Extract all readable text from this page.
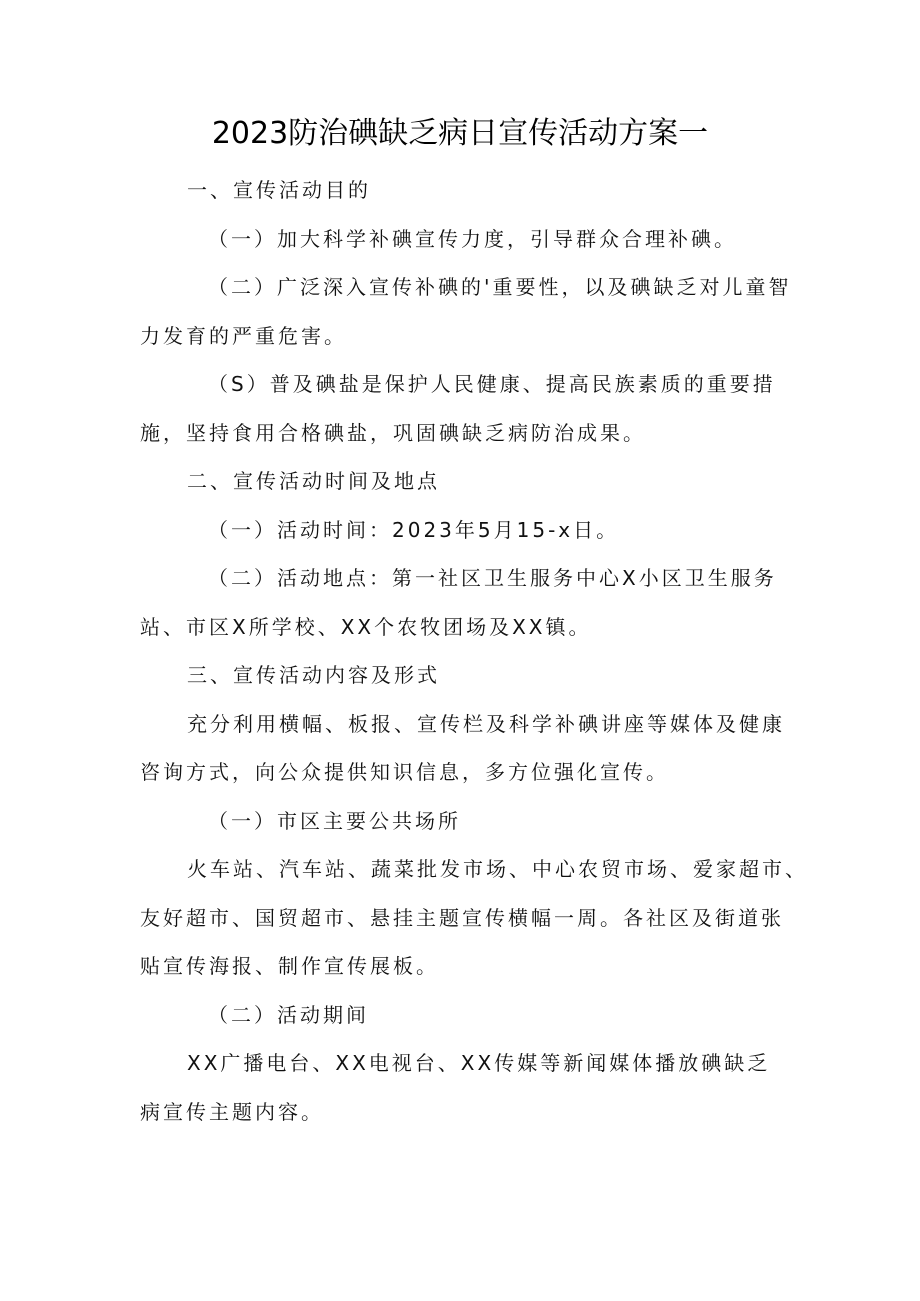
2023防治碘缺乏病日宣传活动方案一

一、宣传活动目的

（一）加大科学补碘宣传力度，引导群众合理补碘。

（二）广泛深入宣传补碘的'重要性，以及碘缺乏对儿童智

力发育的严重危害。

（S）普及碘盐是保护人民健康、提高民族素质的重要措

施，坚持食用合格碘盐，巩固碘缺乏病防治成果。

二、宣传活动时间及地点

（一）活动时间：2023年5月15-x日。

（二）活动地点：第一社区卫生服务中心X小区卫生服务

站、市区X所学校、XX个农牧团场及XX镇。

三、宣传活动内容及形式

充分利用横幅、板报、宣传栏及科学补碘讲座等媒体及健康

咨询方式，向公众提供知识信息，多方位强化宣传。

（一）市区主要公共场所

火车站、汽车站、蔬菜批发市场、中心农贸市场、爱家超市、

友好超市、国贸超市、悬挂主题宣传横幅一周。各社区及街道张

贴宣传海报、制作宣传展板。

（二）活动期间

XX广播电台、XX电视台、XX传媒等新闻媒体播放碘缺乏

病宣传主题内容。
